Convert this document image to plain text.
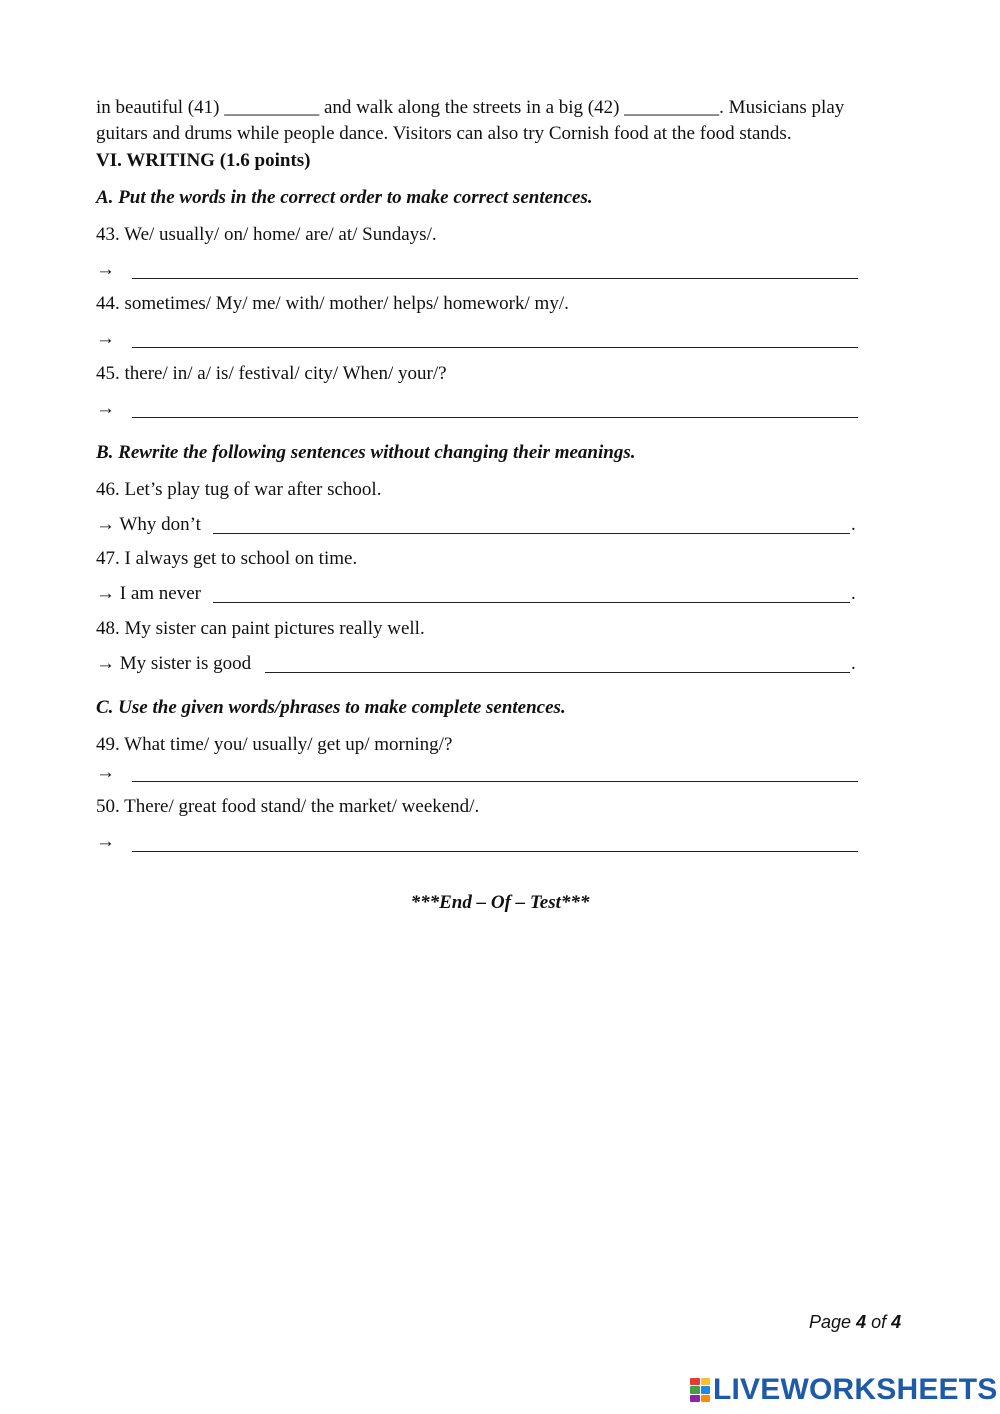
in beautiful (41) __________ and walk along the streets in a big (42) __________. Musicians play
guitars and drums while people dance. Visitors can also try Cornish food at the food stands.
VI. WRITING (1.6 points)
A. Put the words in the correct order to make correct sentences.
43. We/ usually/ on/ home/ are/ at/ Sundays/.
→
44. sometimes/ My/ me/ with/ mother/ helps/ homework/ my/.
→
45. there/ in/ a/ is/ festival/ city/ When/ your/?
→
B. Rewrite the following sentences without changing their meanings.
46. Let’s play tug of war after school.
→ Why don’t	.
47. I always get to school on time.
→ I am never	.
48. My sister can paint pictures really well.
→ My sister is good	.
C. Use the given words/phrases to make complete sentences.
49. What time/ you/ usually/ get up/ morning/?
→
50. There/ great food stand/ the market/ weekend/.
→
***End – Of – Test***
Page 4 of 4
LIVEWORKSHEETS
